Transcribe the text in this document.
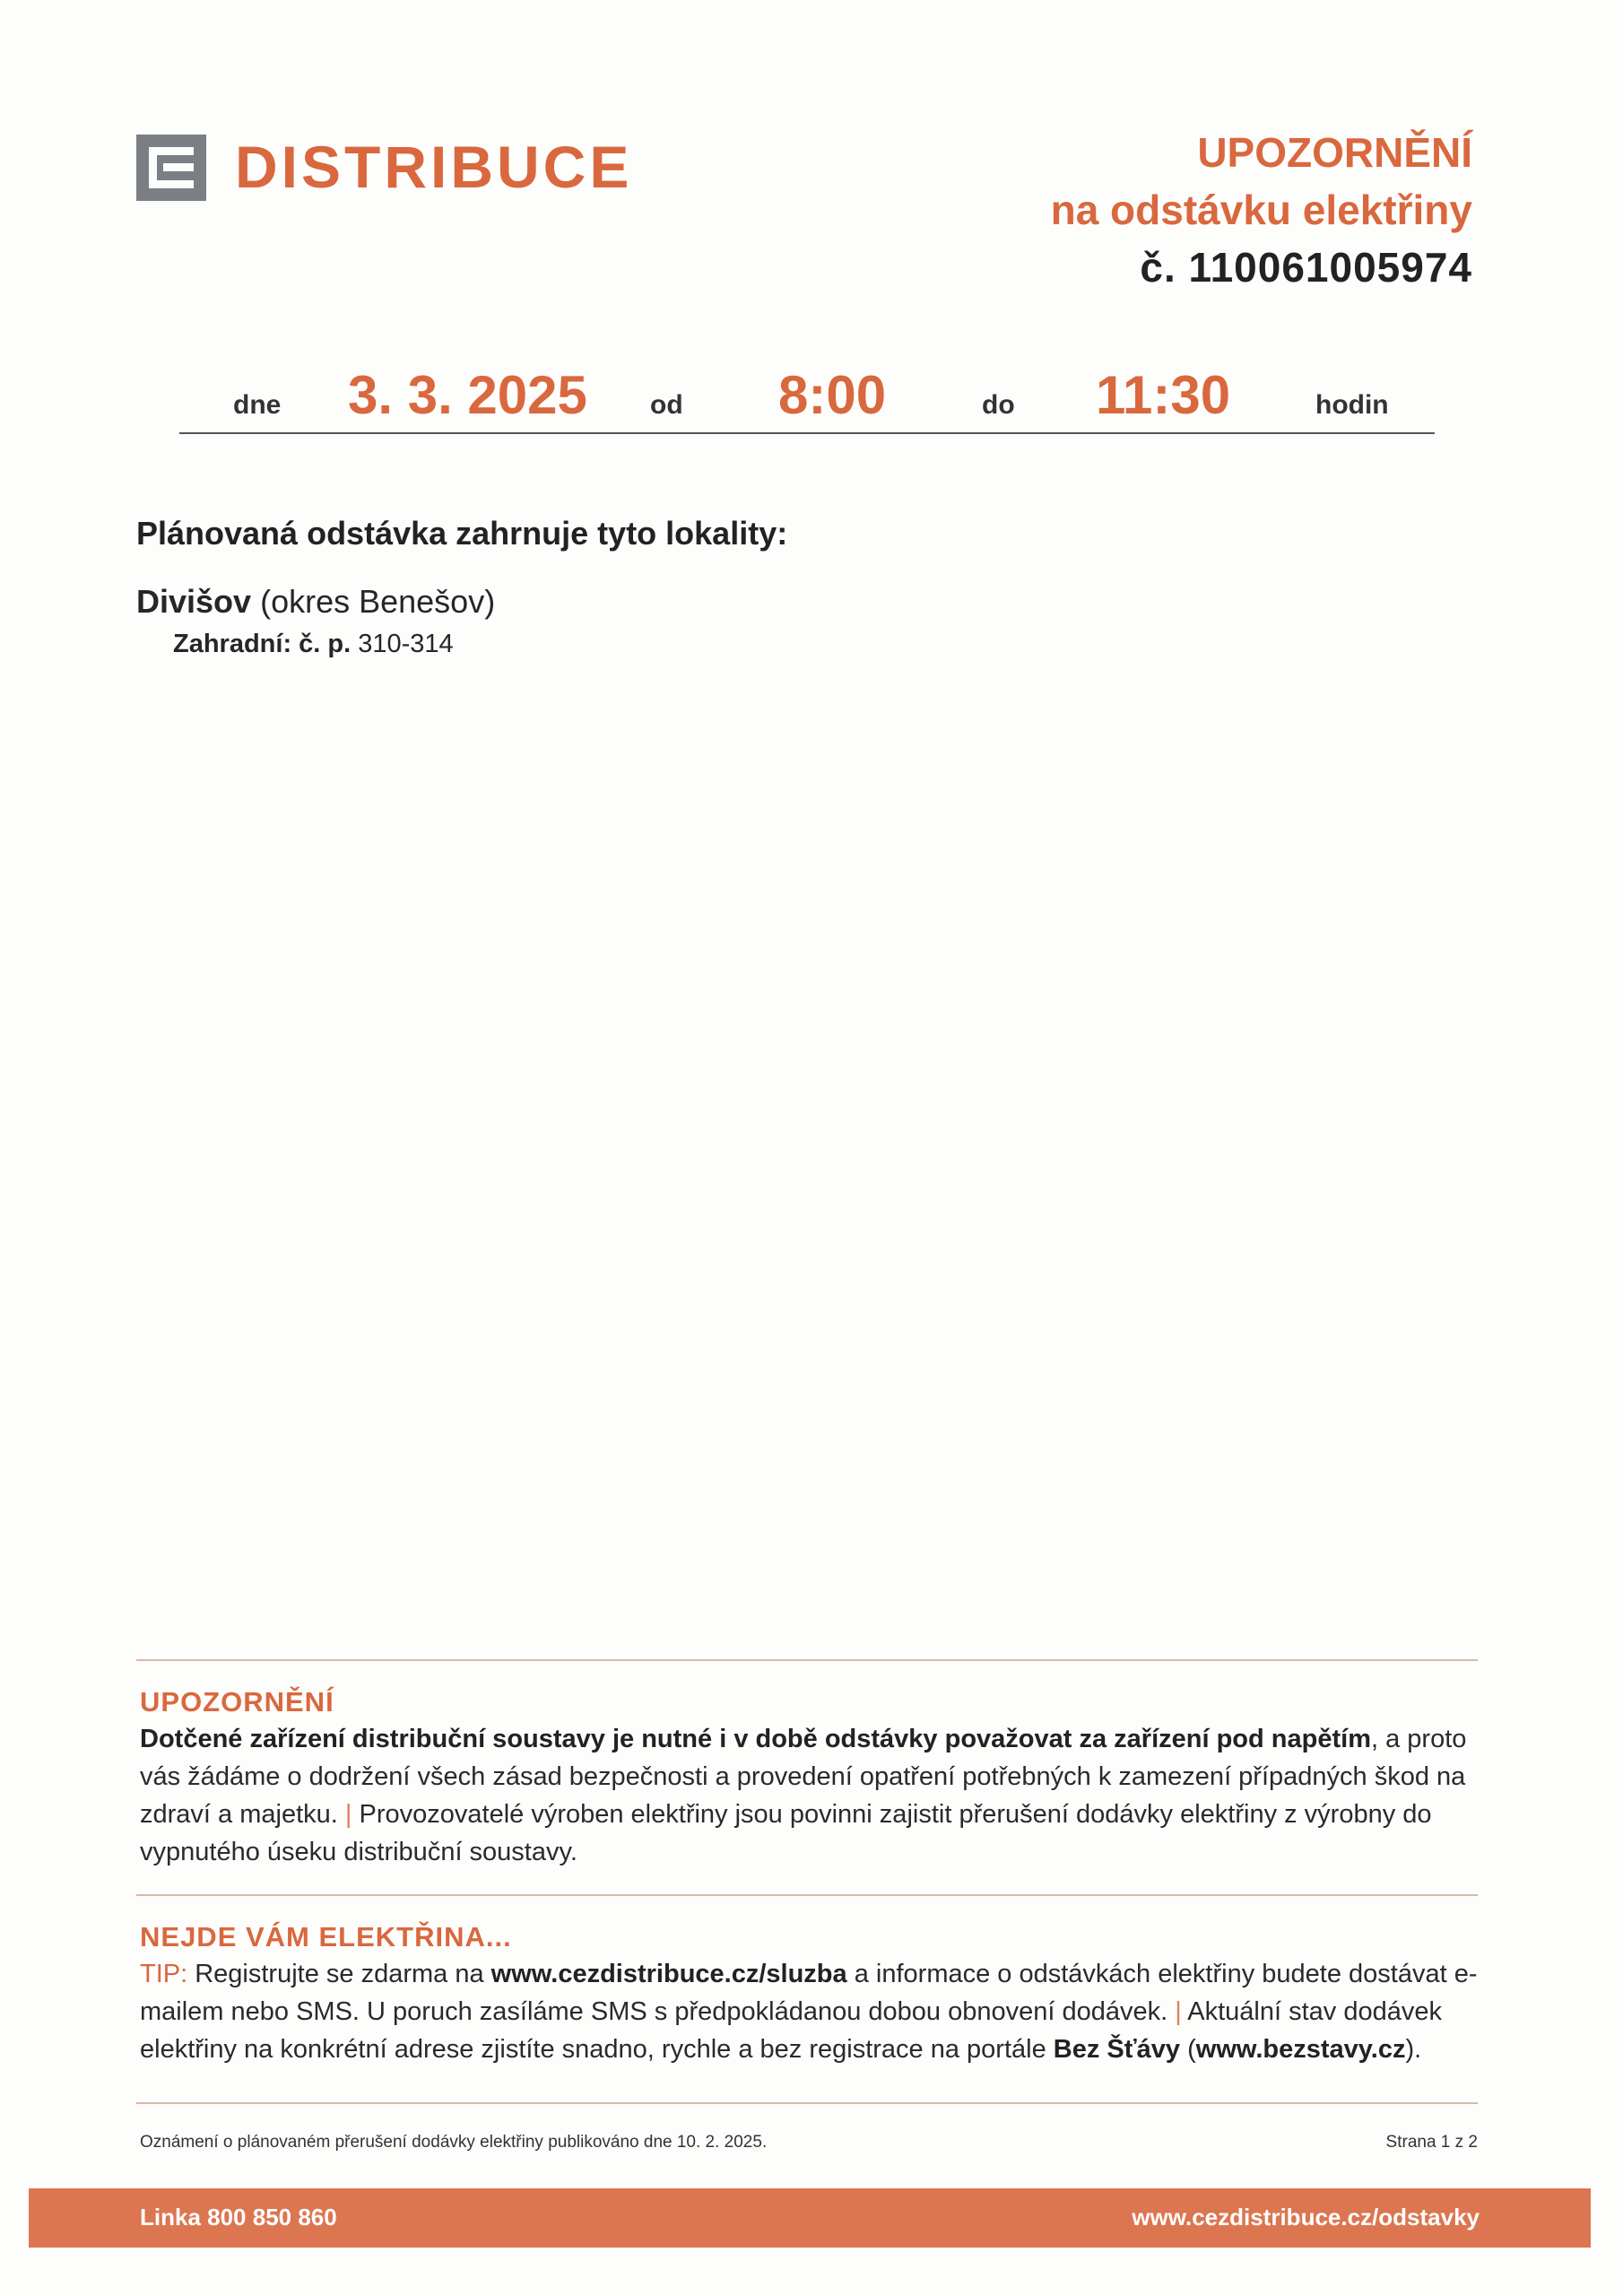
DISTRIBUCE	UPOZORNĚNÍ
na odstávku elektřiny
č. 110061005974
dne 3. 3. 2025 od 8:00	do 11:30	hodin
Plánovaná odstávka zahrnuje tyto lokality:
Divišov (okres Benešov)
Zahradní: č. p. 310-314
UPOZORNĚNÍ
Dotčené zařízení distribuční soustavy je nutné i v době odstávky považovat za zařízení pod napětím, a proto vás žádáme o dodržení všech zásad bezpečnosti a provedení opatření potřebných k zamezení případných škod na zdraví a majetku. | Provozovatelé výroben elektřiny jsou povinni zajistit přerušení dodávky elektřiny z výrobny do vypnutého úseku distribuční soustavy.
NEJDE VÁM ELEKTŘINA...
TIP: Registrujte se zdarma na www.cezdistribuce.cz/sluzba a informace o odstávkách elektřiny budete dostávat e-mailem nebo SMS. U poruch zasíláme SMS s předpokládanou dobou obnovení dodávek. | Aktuální stav dodávek elektřiny na konkrétní adrese zjistíte snadno, rychle a bez registrace na portále Bez Šťávy (www.bezstavy.cz).
Oznámení o plánovaném přerušení dodávky elektřiny publikováno dne 10. 2. 2025.	Strana 1 z 2
Linka 800 850 860	www.cezdistribuce.cz/odstavky
